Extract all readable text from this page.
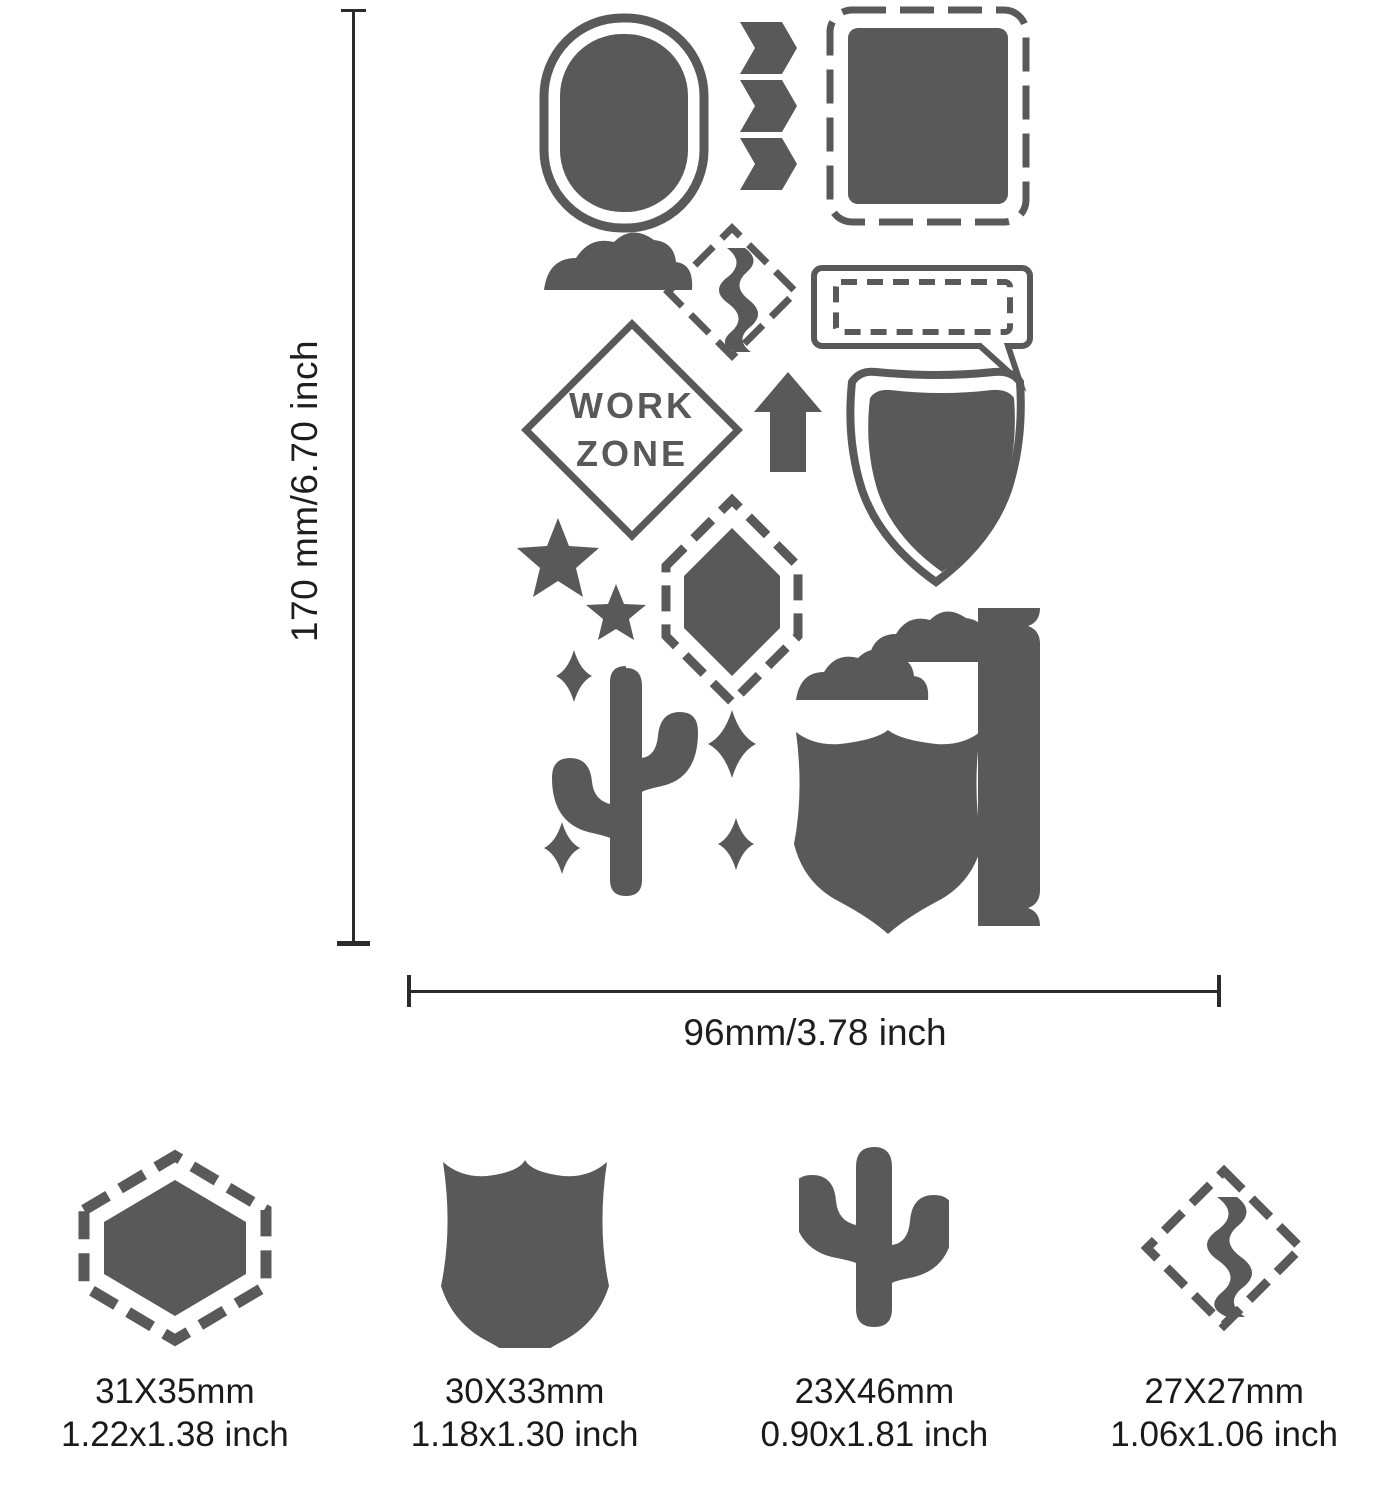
170 mm/6.70 inch
96mm/3.78 inch
WORK
ZONE
31X35mm
1.22x1.38 inch
30X33mm
1.18x1.30 inch
23X46mm
0.90x1.81 inch
27X27mm
1.06x1.06 inch
